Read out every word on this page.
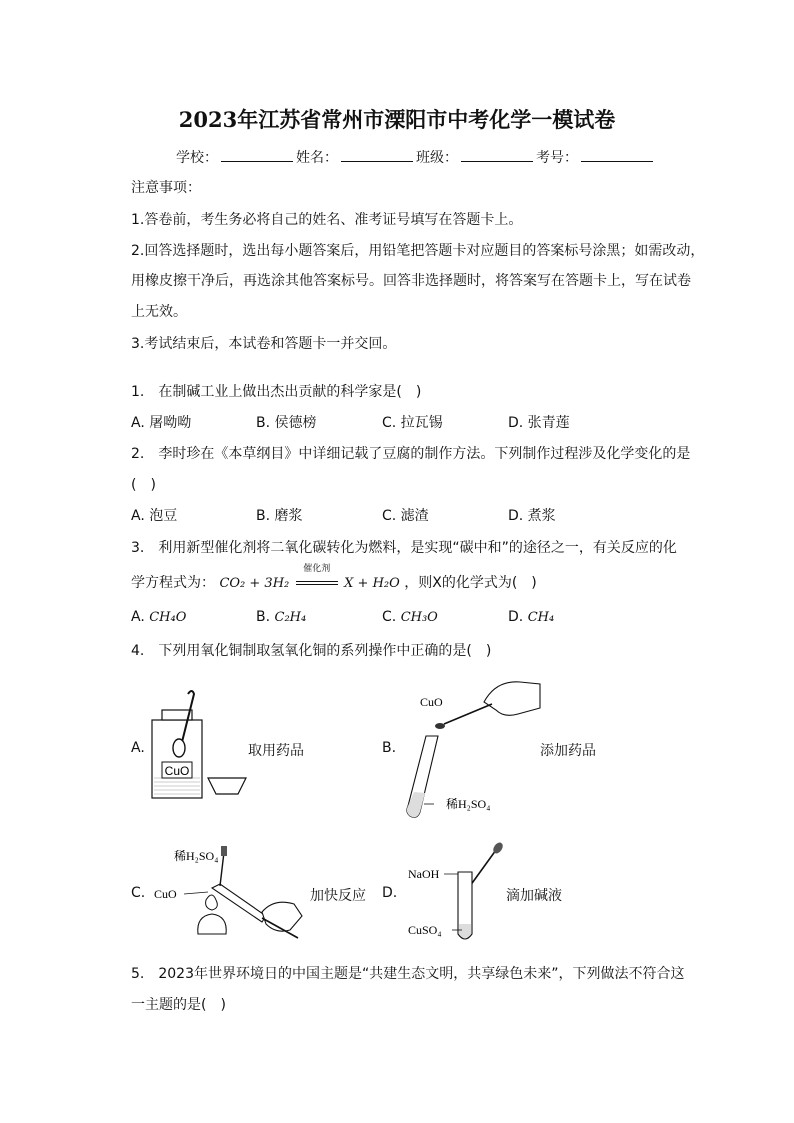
2023年江苏省常州市溧阳市中考化学一模试卷
学校：	姓名：	班级：	考号：
注意事项：
1.答卷前，考生务必将自己的姓名、准考证号填写在答题卡上。
2.回答选择题时，选出每小题答案后，用铅笔把答题卡对应题目的答案标号涂黑；如需改动，
用橡皮擦干净后，再选涂其他答案标号。回答非选择题时，将答案写在答题卡上，写在试卷
上无效。
3.考试结束后，本试卷和答题卡一并交回。
1.　在制碱工业上做出杰出贡献的科学家是(　)
A. 屠呦呦	B. 侯德榜	C. 拉瓦锡	D. 张青莲
2.　李时珍在《本草纲目》中详细记载了豆腐的制作方法。下列制作过程涉及化学变化的是
(　)
A. 泡豆	B. 磨浆	C. 滤渣	D. 煮浆
3.　利用新型催化剂将二氧化碳转化为燃料，是实现“碳中和”的途径之一，有关反应的化
学方程式为： CO₂ + 3H₂
催化剂
X + H₂O ，则X的化学式为(　)
A. CH₄O	B. C₂H₄	C. CH₃O	D. CH₄
4.　下列用氧化铜制取氢氧化铜的系列操作中正确的是(　)
A.
CuO
取用药品	B.
CuO
稀H₂SO₄
添加药品
C.
稀H₂SO₄
CuO	加快反应 D.
NaOH
CuSO₄
滴加碱液
5.　2023年世界环境日的中国主题是“共建生态文明，共享绿色未来”，下列做法不符合这
一主题的是(　)
